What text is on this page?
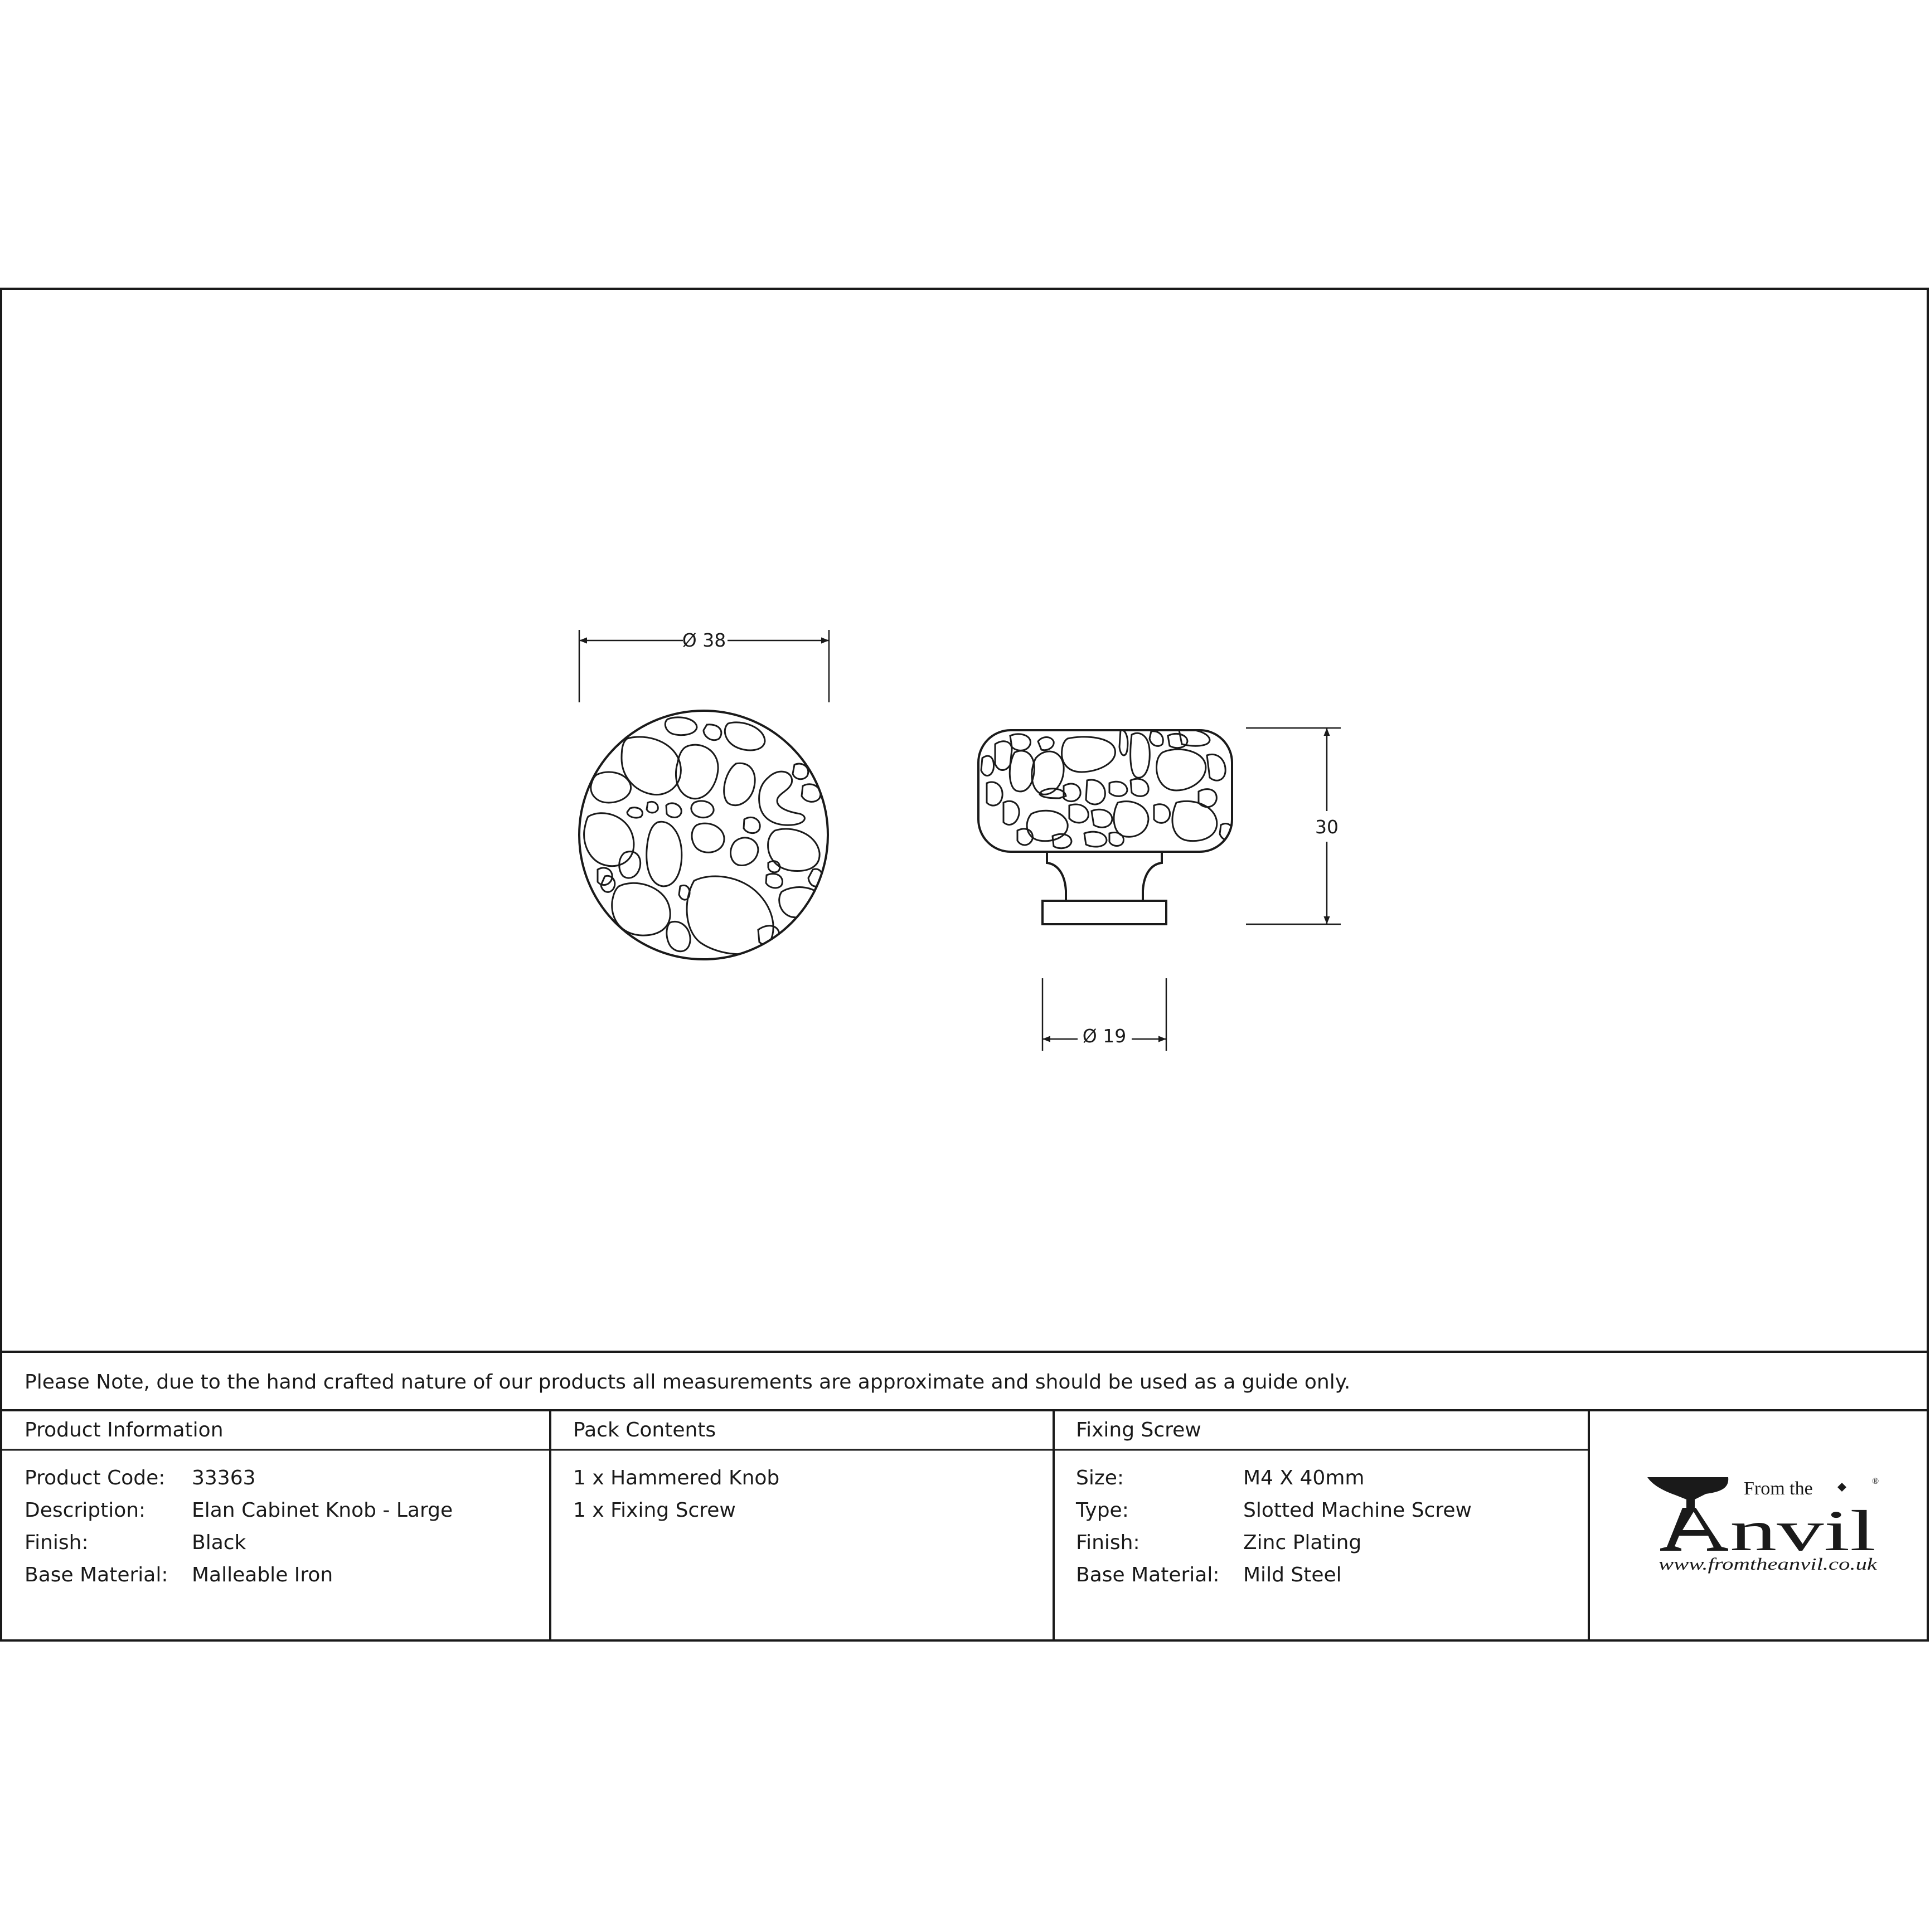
Ø 38
30
Ø 19
From the	®
nvil
www.fromtheanvil.co.uk
Please Note, due to the hand crafted nature of our products all measurements are approximate and should be used as a guide only.
Product Information
Product Code: 33363
Description: Elan Cabinet Knob - Large
Finish:	Black
Base Material: Malleable Iron
Pack Contents
1 x Hammered Knob
1 x Fixing Screw
Fixing Screw
Size:	M4 X 40mm
Type:	Slotted Machine Screw
Finish:	Zinc Plating
Base Material: Mild Steel
